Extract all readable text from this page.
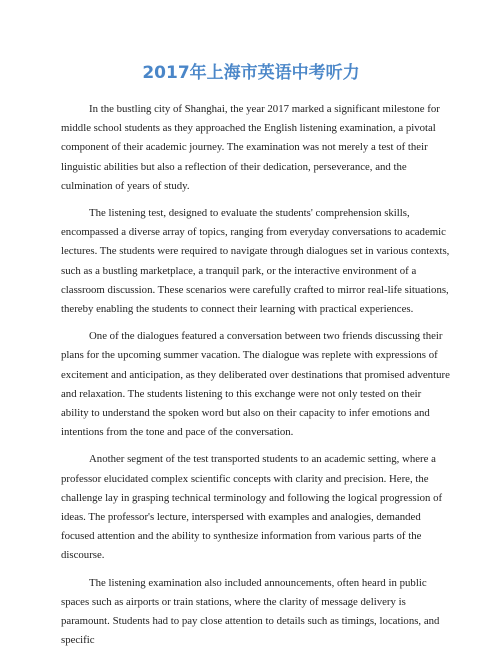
2017年上海市英语中考听力

In the bustling city of Shanghai, the year 2017 marked a significant milestone for middle school students as they approached the English listening examination, a pivotal component of their academic journey. The examination was not merely a test of their linguistic abilities but also a reflection of their dedication, perseverance, and the culmination of years of study.

The listening test, designed to evaluate the students' comprehension skills, encompassed a diverse array of topics, ranging from everyday conversations to academic lectures. The students were required to navigate through dialogues set in various contexts, such as a bustling marketplace, a tranquil park, or the interactive environment of a classroom discussion. These scenarios were carefully crafted to mirror real-life situations, thereby enabling the students to connect their learning with practical experiences.

One of the dialogues featured a conversation between two friends discussing their plans for the upcoming summer vacation. The dialogue was replete with expressions of excitement and anticipation, as they deliberated over destinations that promised adventure and relaxation. The students listening to this exchange were not only tested on their ability to understand the spoken word but also on their capacity to infer emotions and intentions from the tone and pace of the conversation.

Another segment of the test transported students to an academic setting, where a professor elucidated complex scientific concepts with clarity and precision. Here, the challenge lay in grasping technical terminology and following the logical progression of ideas. The professor's lecture, interspersed with examples and analogies, demanded focused attention and the ability to synthesize information from various parts of the discourse.

The listening examination also included announcements, often heard in public spaces such as airports or train stations, where the clarity of message delivery is paramount. Students had to pay close attention to details such as timings, locations, and specific
